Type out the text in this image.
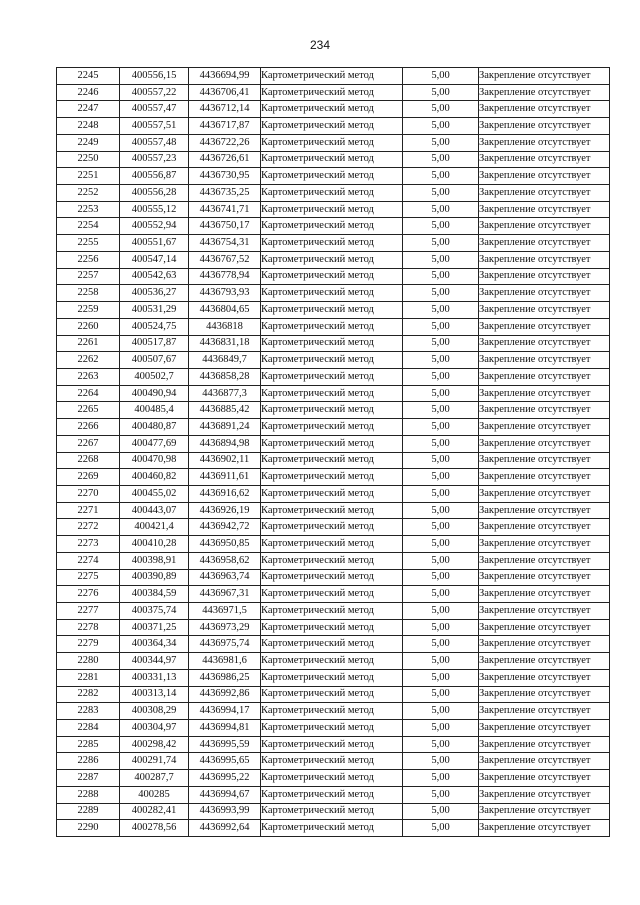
234
2245	400556,15	4436694,99	Картометрический метод	5,00	Закрепление отсутствует
2246	400557,22	4436706,41	Картометрический метод	5,00	Закрепление отсутствует
2247	400557,47	4436712,14	Картометрический метод	5,00	Закрепление отсутствует
2248	400557,51	4436717,87	Картометрический метод	5,00	Закрепление отсутствует
2249	400557,48	4436722,26	Картометрический метод	5,00	Закрепление отсутствует
2250	400557,23	4436726,61	Картометрический метод	5,00	Закрепление отсутствует
2251	400556,87	4436730,95	Картометрический метод	5,00	Закрепление отсутствует
2252	400556,28	4436735,25	Картометрический метод	5,00	Закрепление отсутствует
2253	400555,12	4436741,71	Картометрический метод	5,00	Закрепление отсутствует
2254	400552,94	4436750,17	Картометрический метод	5,00	Закрепление отсутствует
2255	400551,67	4436754,31	Картометрический метод	5,00	Закрепление отсутствует
2256	400547,14	4436767,52	Картометрический метод	5,00	Закрепление отсутствует
2257	400542,63	4436778,94	Картометрический метод	5,00	Закрепление отсутствует
2258	400536,27	4436793,93	Картометрический метод	5,00	Закрепление отсутствует
2259	400531,29	4436804,65	Картометрический метод	5,00	Закрепление отсутствует
2260	400524,75	4436818	Картометрический метод	5,00	Закрепление отсутствует
2261	400517,87	4436831,18	Картометрический метод	5,00	Закрепление отсутствует
2262	400507,67	4436849,7	Картометрический метод	5,00	Закрепление отсутствует
2263	400502,7	4436858,28	Картометрический метод	5,00	Закрепление отсутствует
2264	400490,94	4436877,3	Картометрический метод	5,00	Закрепление отсутствует
2265	400485,4	4436885,42	Картометрический метод	5,00	Закрепление отсутствует
2266	400480,87	4436891,24	Картометрический метод	5,00	Закрепление отсутствует
2267	400477,69	4436894,98	Картометрический метод	5,00	Закрепление отсутствует
2268	400470,98	4436902,11	Картометрический метод	5,00	Закрепление отсутствует
2269	400460,82	4436911,61	Картометрический метод	5,00	Закрепление отсутствует
2270	400455,02	4436916,62	Картометрический метод	5,00	Закрепление отсутствует
2271	400443,07	4436926,19	Картометрический метод	5,00	Закрепление отсутствует
2272	400421,4	4436942,72	Картометрический метод	5,00	Закрепление отсутствует
2273	400410,28	4436950,85	Картометрический метод	5,00	Закрепление отсутствует
2274	400398,91	4436958,62	Картометрический метод	5,00	Закрепление отсутствует
2275	400390,89	4436963,74	Картометрический метод	5,00	Закрепление отсутствует
2276	400384,59	4436967,31	Картометрический метод	5,00	Закрепление отсутствует
2277	400375,74	4436971,5	Картометрический метод	5,00	Закрепление отсутствует
2278	400371,25	4436973,29	Картометрический метод	5,00	Закрепление отсутствует
2279	400364,34	4436975,74	Картометрический метод	5,00	Закрепление отсутствует
2280	400344,97	4436981,6	Картометрический метод	5,00	Закрепление отсутствует
2281	400331,13	4436986,25	Картометрический метод	5,00	Закрепление отсутствует
2282	400313,14	4436992,86	Картометрический метод	5,00	Закрепление отсутствует
2283	400308,29	4436994,17	Картометрический метод	5,00	Закрепление отсутствует
2284	400304,97	4436994,81	Картометрический метод	5,00	Закрепление отсутствует
2285	400298,42	4436995,59	Картометрический метод	5,00	Закрепление отсутствует
2286	400291,74	4436995,65	Картометрический метод	5,00	Закрепление отсутствует
2287	400287,7	4436995,22	Картометрический метод	5,00	Закрепление отсутствует
2288	400285	4436994,67	Картометрический метод	5,00	Закрепление отсутствует
2289	400282,41	4436993,99	Картометрический метод	5,00	Закрепление отсутствует
2290	400278,56	4436992,64	Картометрический метод	5,00	Закрепление отсутствует
